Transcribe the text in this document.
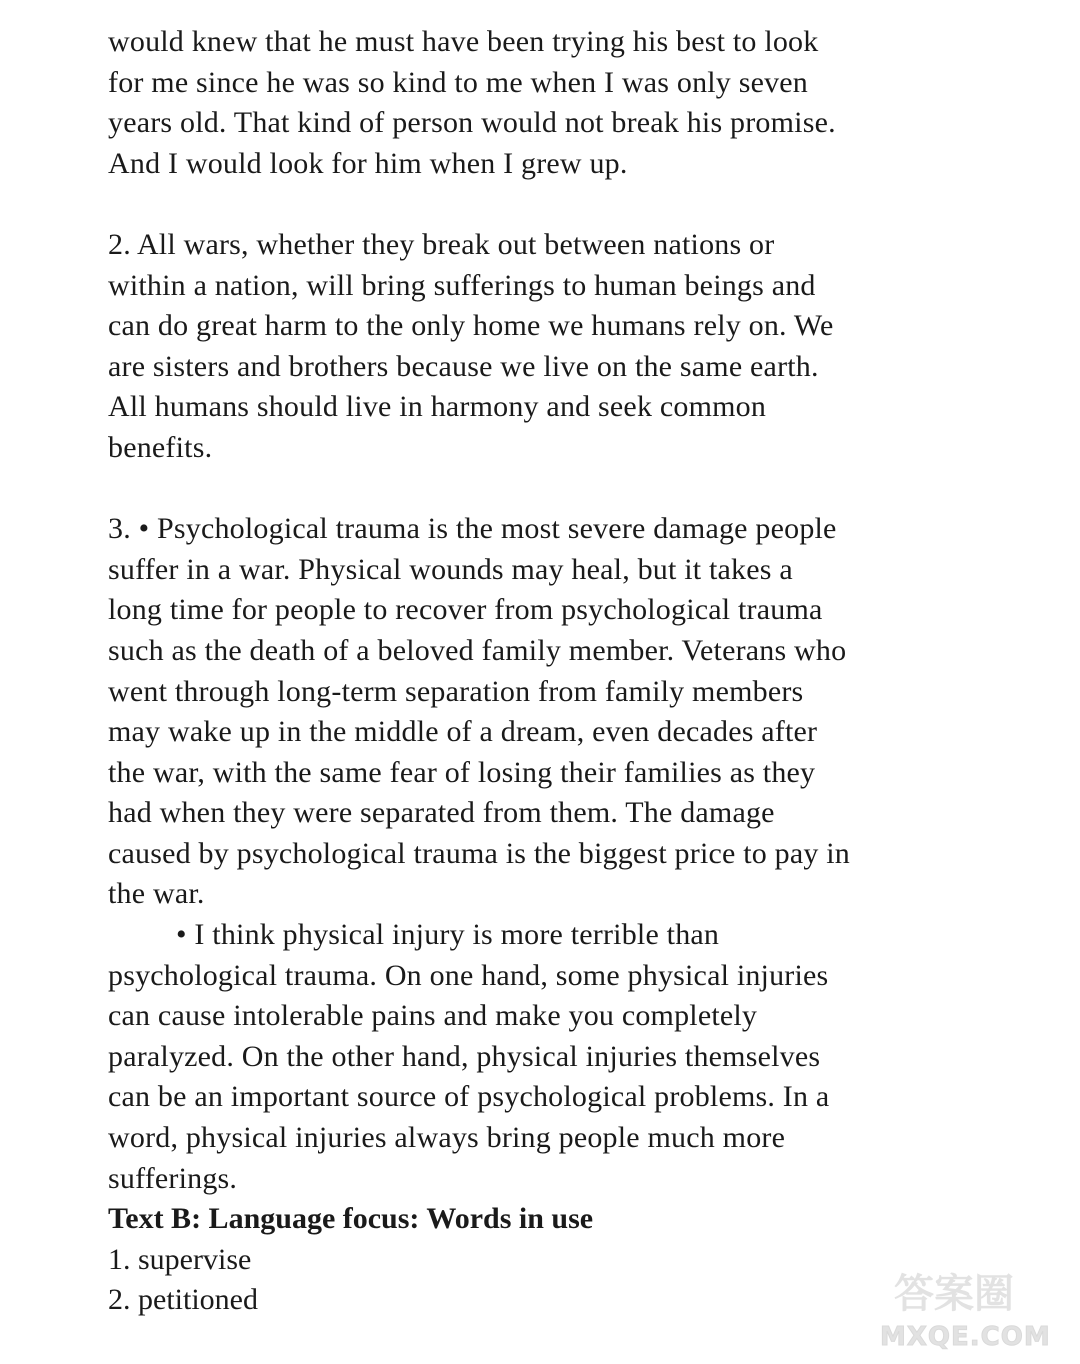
would knew that he must have been trying his best to look
for me since he was so kind to me when I was only seven
years old. That kind of person would not break his promise.
And I would look for him when I grew up.
2. All wars, whether they break out between nations or
within a nation, will bring sufferings to human beings and
can do great harm to the only home we humans rely on. We
are sisters and brothers because we live on the same earth.
All humans should live in harmony and seek common
benefits.
3. • Psychological trauma is the most severe damage people
suffer in a war. Physical wounds may heal, but it takes a
long time for people to recover from psychological trauma
such as the death of a beloved family member. Veterans who
went through long-term separation from family members
may wake up in the middle of a dream, even decades after
the war, with the same fear of losing their families as they
had when they were separated from them. The damage
caused by psychological trauma is the biggest price to pay in
the war.
• I think physical injury is more terrible than
psychological trauma. On one hand, some physical injuries
can cause intolerable pains and make you completely
paralyzed. On the other hand, physical injuries themselves
can be an important source of psychological problems. In a
word, physical injuries always bring people much more
sufferings.
Text B: Language focus: Words in use
1. supervise
2. petitioned	答案圈
MXQE.COM
